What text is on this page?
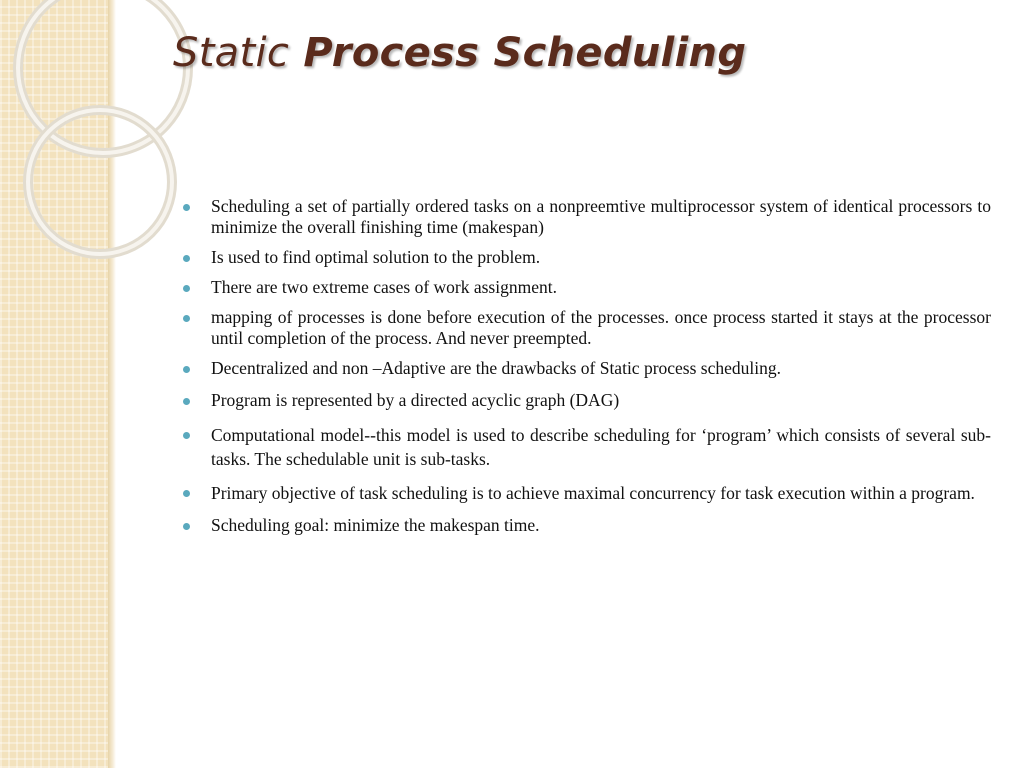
Static Process Scheduling
Scheduling a set of partially ordered tasks on a nonpreemtive multiprocessor system of identical processors to minimize the overall finishing time (makespan)
Is used to find optimal solution to the problem.
There are two extreme cases of work assignment.
mapping of processes is done before execution of the processes. once process started it stays at the processor until completion of the process. And never preempted.
Decentralized and non –Adaptive are the drawbacks of Static process scheduling.
Program is represented by a directed acyclic graph (DAG)
Computational model--this model is used to describe scheduling for ‘program’ which consists of several sub-tasks. The schedulable unit is sub-tasks.
Primary objective of task scheduling is to achieve maximal concurrency for task execution within a program.
Scheduling goal: minimize the makespan time.
